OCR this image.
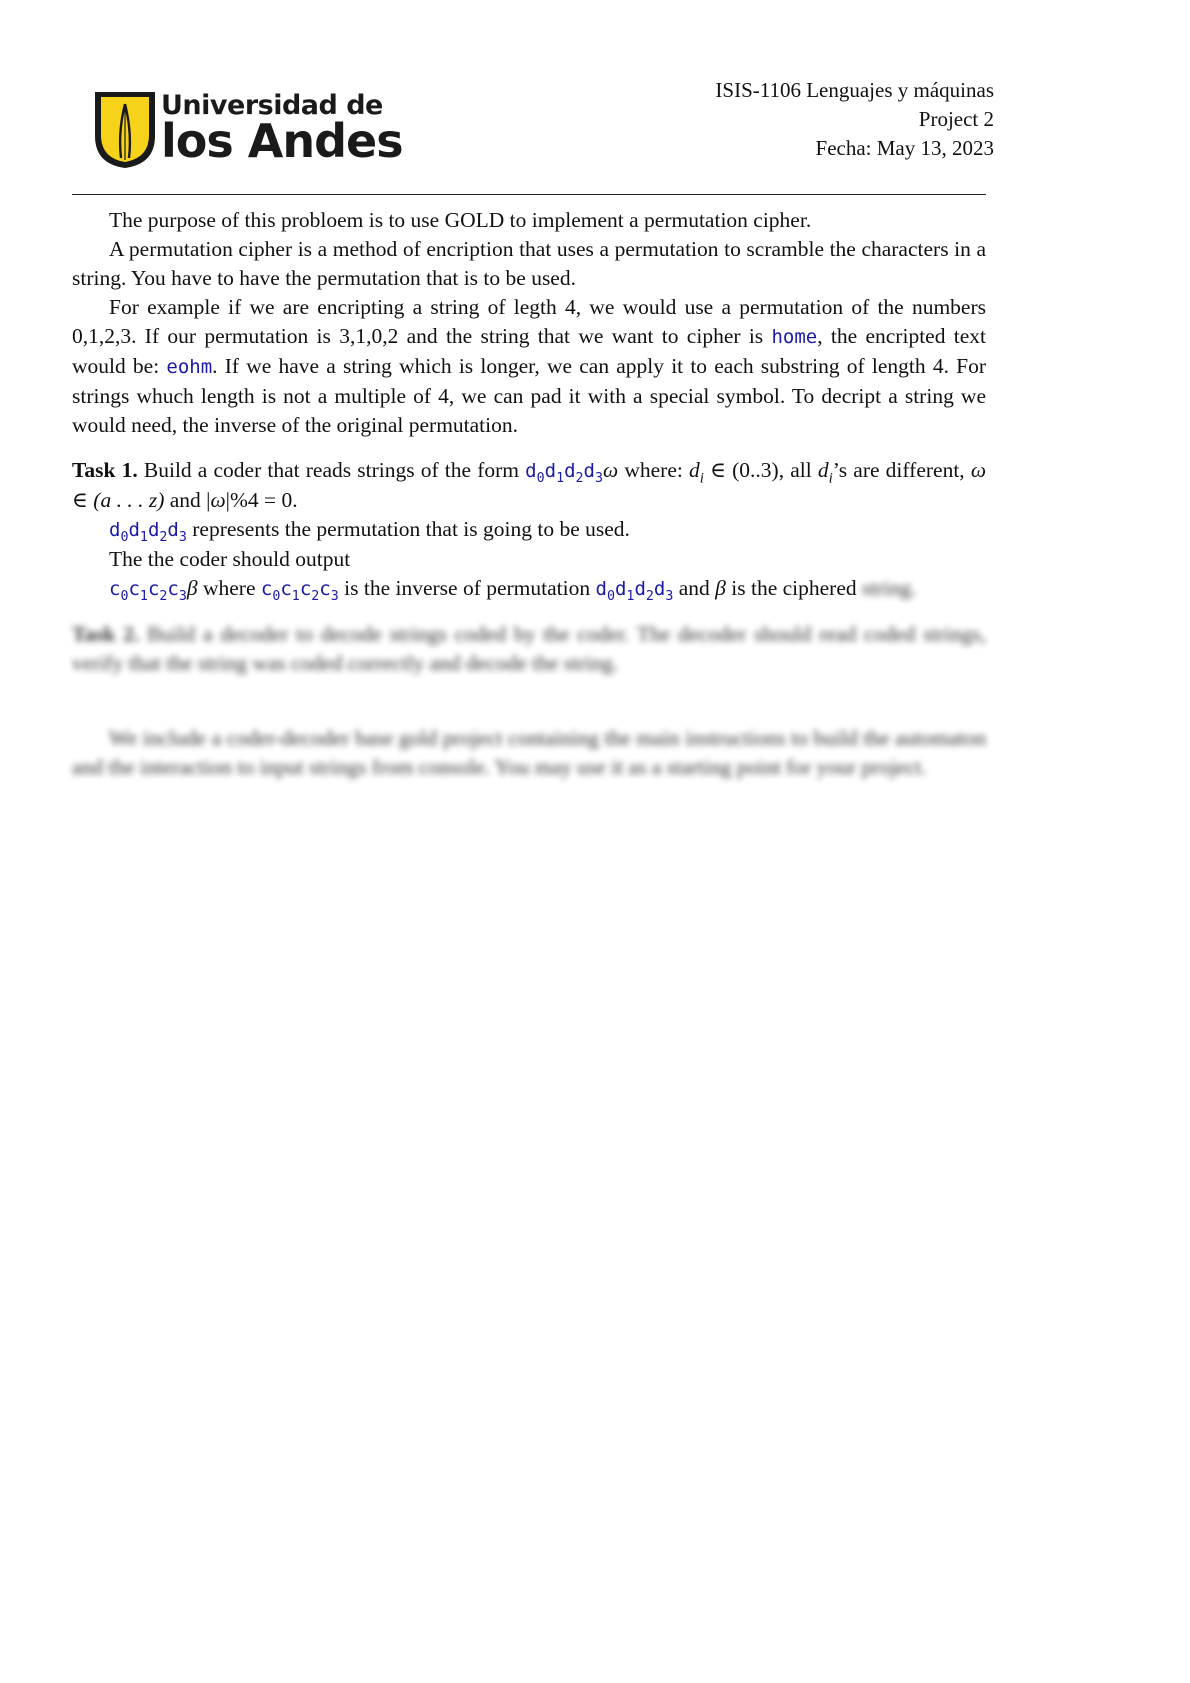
Universidad de
los Andes
ISIS-1106 Lenguajes y máquinas
Project 2
Fecha: May 13, 2023

The purpose of this probloem is to use GOLD to implement a permutation cipher.

A permutation cipher is a method of encription that uses a permutation to scramble the characters in a string. You have to have the permutation that is to be used.

For example if we are encripting a string of legth 4, we would use a permutation of the numbers 0,1,2,3. If our permutation is 3,1,0,2 and the string that we want to cipher is home, the encripted text would be: eohm. If we have a string which is longer, we can apply it to each substring of length 4. For strings whuch length is not a multiple of 4, we can pad it with a special symbol. To decript a string we would need, the inverse of the original permutation.

Task 1. Build a coder that reads strings of the form $d_0d_1d_2d_3\omega$ where: $d_i$ ∈ (0..3), all $d_i’s$ are different, ω ∈ (a . . . z) and |ω|%4 = 0.

$d_0d_1d_2d_3$ represents the permutation that is going to be used.

The the coder should output

$c_0c_1c_2c_3\beta$ where $c_0c_1c_2c_3$ is the inverse of permutation $d_0d_1d_2d_3$ and β is the ciphered string.

Task 2. Build a decoder to decode strings coded by the coder. The decoder should read coded strings, verify that the string was coded correctly and decode the string.

We include a coder-decoder base gold project containing the main instructions to build the automaton and the interaction to input strings from console. You may use it as a starting point for your project.
